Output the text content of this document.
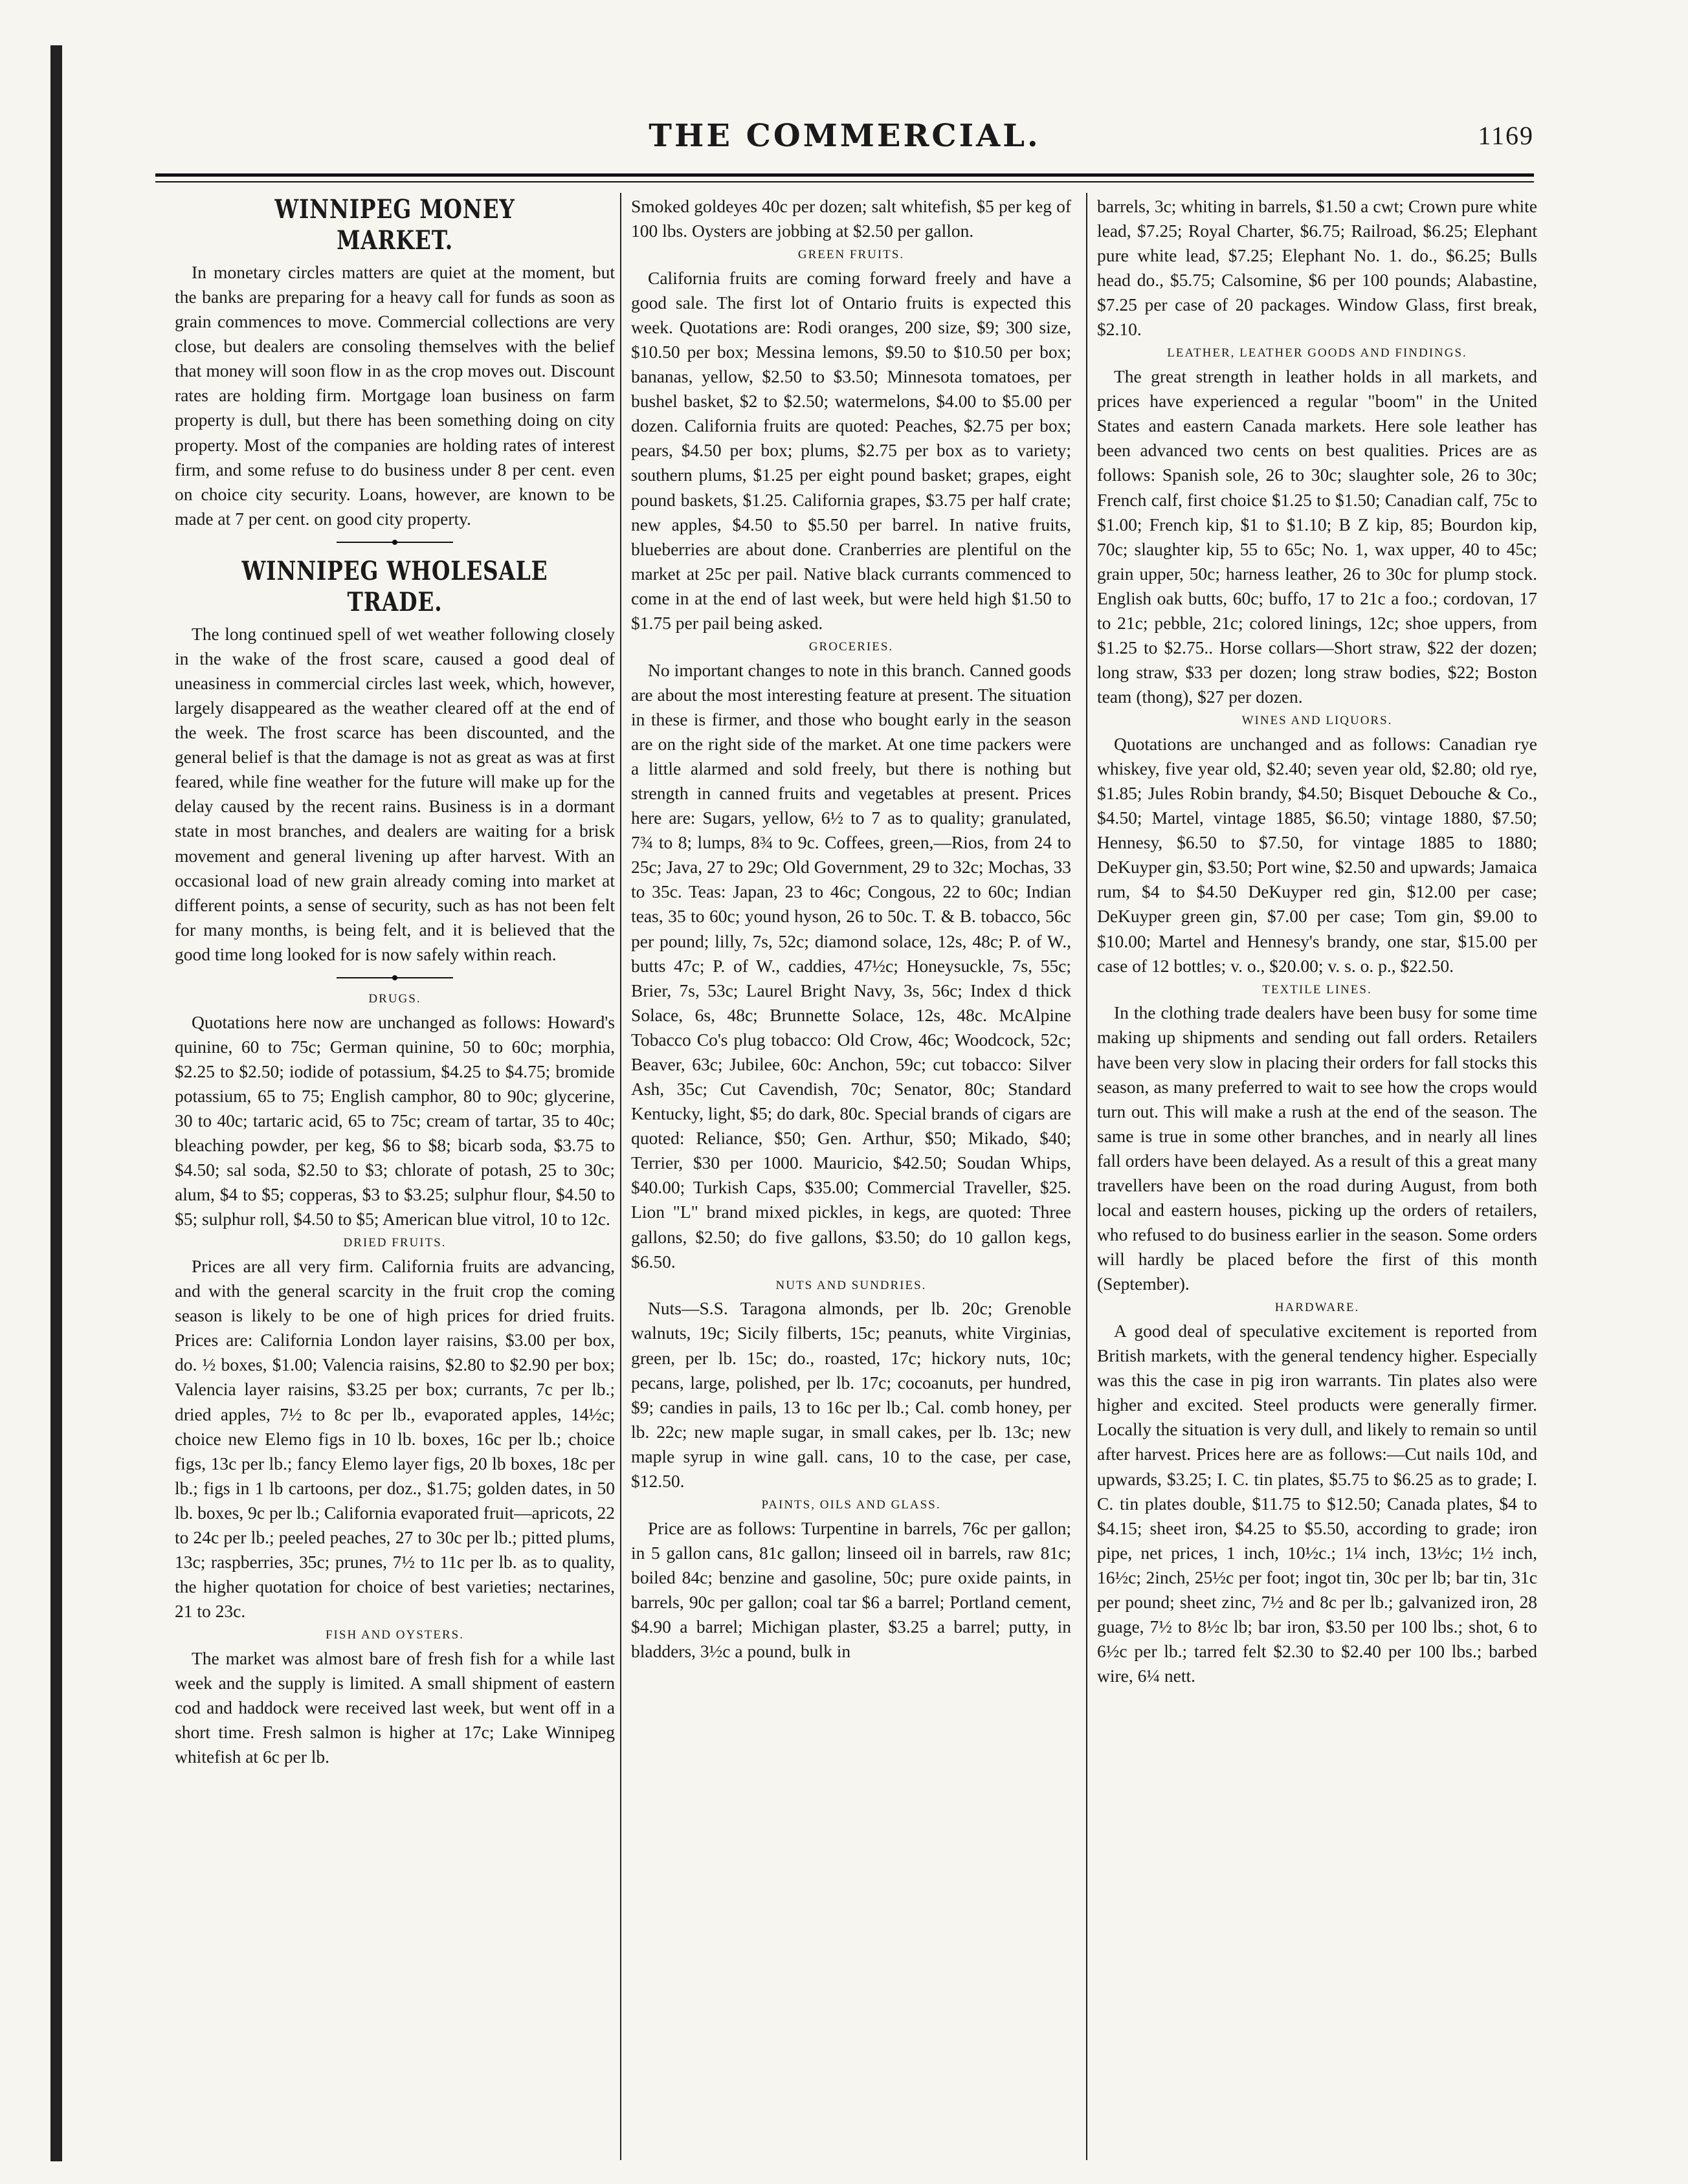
THE COMMERCIAL.	1169
WINNIPEG MONEY MARKET.

In monetary circles matters are quiet at the moment, but the banks are preparing for a heavy call for funds as soon as grain commences to move. Commercial collections are very close, but dealers are consoling themselves with the belief that money will soon flow in as the crop moves out. Discount rates are holding firm. Mortgage loan business on farm property is dull, but there has been something doing on city property. Most of the companies are holding rates of interest firm, and some refuse to do business under 8 per cent. even on choice city security. Loans, however, are known to be made at 7 per cent. on good city property.

WINNIPEG WHOLESALE TRADE.

The long continued spell of wet weather following closely in the wake of the frost scare, caused a good deal of uneasiness in commercial circles last week, which, however, largely disappeared as the weather cleared off at the end of the week. The frost scarce has been discounted, and the general belief is that the damage is not as great as was at first feared, while fine weather for the future will make up for the delay caused by the recent rains. Business is in a dormant state in most branches, and dealers are waiting for a brisk movement and general livening up after harvest. With an occasional load of new grain already coming into market at different points, a sense of security, such as has not been felt for many months, is being felt, and it is believed that the good time long looked for is now safely within reach.

DRUGS.

Quotations here now are unchanged as follows: Howard's quinine, 60 to 75c; German quinine, 50 to 60c; morphia, $2.25 to $2.50; iodide of potassium, $4.25 to $4.75; bromide potassium, 65 to 75; English camphor, 80 to 90c; glycerine, 30 to 40c; tartaric acid, 65 to 75c; cream of tartar, 35 to 40c; bleaching powder, per keg, $6 to $8; bicarb soda, $3.75 to $4.50; sal soda, $2.50 to $3; chlorate of potash, 25 to 30c; alum, $4 to $5; copperas, $3 to $3.25; sulphur flour, $4.50 to $5; sulphur roll, $4.50 to $5; American blue vitrol, 10 to 12c.

DRIED FRUITS.

Prices are all very firm. California fruits are advancing, and with the general scarcity in the fruit crop the coming season is likely to be one of high prices for dried fruits. Prices are: California London layer raisins, $3.00 per box, do. ½ boxes, $1.00; Valencia raisins, $2.80 to $2.90 per box; Valencia layer raisins, $3.25 per box; currants, 7c per lb.; dried apples, 7½ to 8c per lb., evaporated apples, 14½c; choice new Elemo figs in 10 lb. boxes, 16c per lb.; choice figs, 13c per lb.; fancy Elemo layer figs, 20 lb boxes, 18c per lb.; figs in 1 lb cartoons, per doz., $1.75; golden dates, in 50 lb. boxes, 9c per lb.; California evaporated fruit—apricots, 22 to 24c per lb.; peeled peaches, 27 to 30c per lb.; pitted plums, 13c; raspberries, 35c; prunes, 7½ to 11c per lb. as to quality, the higher quotation for choice of best varieties; nectarines, 21 to 23c.

FISH AND OYSTERS.

The market was almost bare of fresh fish for a while last week and the supply is limited. A small shipment of eastern cod and haddock were received last week, but went off in a short time. Fresh salmon is higher at 17c; Lake Winnipeg whitefish at 6c per lb.

Smoked goldeyes 40c per dozen; salt whitefish, $5 per keg of 100 lbs. Oysters are jobbing at $2.50 per gallon.

GREEN FRUITS.

California fruits are coming forward freely and have a good sale. The first lot of Ontario fruits is expected this week. Quotations are: Rodi oranges, 200 size, $9; 300 size, $10.50 per box; Messina lemons, $9.50 to $10.50 per box; bananas, yellow, $2.50 to $3.50; Minnesota tomatoes, per bushel basket, $2 to $2.50; watermelons, $4.00 to $5.00 per dozen. California fruits are quoted: Peaches, $2.75 per box; pears, $4.50 per box; plums, $2.75 per box as to variety; southern plums, $1.25 per eight pound basket; grapes, eight pound baskets, $1.25. California grapes, $3.75 per half crate; new apples, $4.50 to $5.50 per barrel. In native fruits, blueberries are about done. Cranberries are plentiful on the market at 25c per pail. Native black currants commenced to come in at the end of last week, but were held high $1.50 to $1.75 per pail being asked.

GROCERIES.

No important changes to note in this branch. Canned goods are about the most interesting feature at present. The situation in these is firmer, and those who bought early in the season are on the right side of the market. At one time packers were a little alarmed and sold freely, but there is nothing but strength in canned fruits and vegetables at present. Prices here are: Sugars, yellow, 6½ to 7 as to quality; granulated, 7¾ to 8; lumps, 8¾ to 9c. Coffees, green,—Rios, from 24 to 25c; Java, 27 to 29c; Old Government, 29 to 32c; Mochas, 33 to 35c. Teas: Japan, 23 to 46c; Congous, 22 to 60c; Indian teas, 35 to 60c; yound hyson, 26 to 50c. T. & B. tobacco, 56c per pound; lilly, 7s, 52c; diamond solace, 12s, 48c; P. of W., butts 47c; P. of W., caddies, 47½c; Honeysuckle, 7s, 55c; Brier, 7s, 53c; Laurel Bright Navy, 3s, 56c; Index d thick Solace, 6s, 48c; Brunnette Solace, 12s, 48c. McAlpine Tobacco Co's plug tobacco: Old Crow, 46c; Woodcock, 52c; Beaver, 63c; Jubilee, 60c: Anchon, 59c; cut tobacco: Silver Ash, 35c; Cut Cavendish, 70c; Senator, 80c; Standard Kentucky, light, $5; do dark, 80c. Special brands of cigars are quoted: Reliance, $50; Gen. Arthur, $50; Mikado, $40; Terrier, $30 per 1000. Mauricio, $42.50; Soudan Whips, $40.00; Turkish Caps, $35.00; Commercial Traveller, $25. Lion "L" brand mixed pickles, in kegs, are quoted: Three gallons, $2.50; do five gallons, $3.50; do 10 gallon kegs, $6.50.

NUTS AND SUNDRIES.

Nuts—S.S. Taragona almonds, per lb. 20c; Grenoble walnuts, 19c; Sicily filberts, 15c; peanuts, white Virginias, green, per lb. 15c; do., roasted, 17c; hickory nuts, 10c; pecans, large, polished, per lb. 17c; cocoanuts, per hundred, $9; candies in pails, 13 to 16c per lb.; Cal. comb honey, per lb. 22c; new maple sugar, in small cakes, per lb. 13c; new maple syrup in wine gall. cans, 10 to the case, per case, $12.50.

PAINTS, OILS AND GLASS.

Price are as follows: Turpentine in barrels, 76c per gallon; in 5 gallon cans, 81c gallon; linseed oil in barrels, raw 81c; boiled 84c; benzine and gasoline, 50c; pure oxide paints, in barrels, 90c per gallon; coal tar $6 a barrel; Portland cement, $4.90 a barrel; Michigan plaster, $3.25 a barrel; putty, in bladders, 3½c a pound, bulk in

barrels, 3c; whiting in barrels, $1.50 a cwt; Crown pure white lead, $7.25; Royal Charter, $6.75; Railroad, $6.25; Elephant pure white lead, $7.25; Elephant No. 1. do., $6.25; Bulls head do., $5.75; Calsomine, $6 per 100 pounds; Alabastine, $7.25 per case of 20 packages. Window Glass, first break, $2.10.

LEATHER, LEATHER GOODS AND FINDINGS.

The great strength in leather holds in all markets, and prices have experienced a regular "boom" in the United States and eastern Canada markets. Here sole leather has been advanced two cents on best qualities. Prices are as follows: Spanish sole, 26 to 30c; slaughter sole, 26 to 30c; French calf, first choice $1.25 to $1.50; Canadian calf, 75c to $1.00; French kip, $1 to $1.10; B Z kip, 85; Bourdon kip, 70c; slaughter kip, 55 to 65c; No. 1, wax upper, 40 to 45c; grain upper, 50c; harness leather, 26 to 30c for plump stock. English oak butts, 60c; buffo, 17 to 21c a foo.; cordovan, 17 to 21c; pebble, 21c; colored linings, 12c; shoe uppers, from $1.25 to $2.75.. Horse collars—Short straw, $22 der dozen; long straw, $33 per dozen; long straw bodies, $22; Boston team (thong), $27 per dozen.

WINES AND LIQUORS.

Quotations are unchanged and as follows: Canadian rye whiskey, five year old, $2.40; seven year old, $2.80; old rye, $1.85; Jules Robin brandy, $4.50; Bisquet Debouche & Co., $4.50; Martel, vintage 1885, $6.50; vintage 1880, $7.50; Hennesy, $6.50 to $7.50, for vintage 1885 to 1880; DeKuyper gin, $3.50; Port wine, $2.50 and upwards; Jamaica rum, $4 to $4.50 DeKuyper red gin, $12.00 per case; DeKuyper green gin, $7.00 per case; Tom gin, $9.00 to $10.00; Martel and Hennesy's brandy, one star, $15.00 per case of 12 bottles; v. o., $20.00; v. s. o. p., $22.50.

TEXTILE LINES.

In the clothing trade dealers have been busy for some time making up shipments and sending out fall orders. Retailers have been very slow in placing their orders for fall stocks this season, as many preferred to wait to see how the crops would turn out. This will make a rush at the end of the season. The same is true in some other branches, and in nearly all lines fall orders have been delayed. As a result of this a great many travellers have been on the road during August, from both local and eastern houses, picking up the orders of retailers, who refused to do business earlier in the season. Some orders will hardly be placed before the first of this month (September).

HARDWARE.

A good deal of speculative excitement is reported from British markets, with the general tendency higher. Especially was this the case in pig iron warrants. Tin plates also were higher and excited. Steel products were generally firmer. Locally the situation is very dull, and likely to remain so until after harvest. Prices here are as follows:—Cut nails 10d, and upwards, $3.25; I. C. tin plates, $5.75 to $6.25 as to grade; I. C. tin plates double, $11.75 to $12.50; Canada plates, $4 to $4.15; sheet iron, $4.25 to $5.50, according to grade; iron pipe, net prices, 1 inch, 10½c.; 1¼ inch, 13½c; 1½ inch, 16½c; 2inch, 25½c per foot; ingot tin, 30c per lb; bar tin, 31c per pound; sheet zinc, 7½ and 8c per lb.; galvanized iron, 28 guage, 7½ to 8½c lb; bar iron, $3.50 per 100 lbs.; shot, 6 to 6½c per lb.; tarred felt $2.30 to $2.40 per 100 lbs.; barbed wire, 6¼ nett.
